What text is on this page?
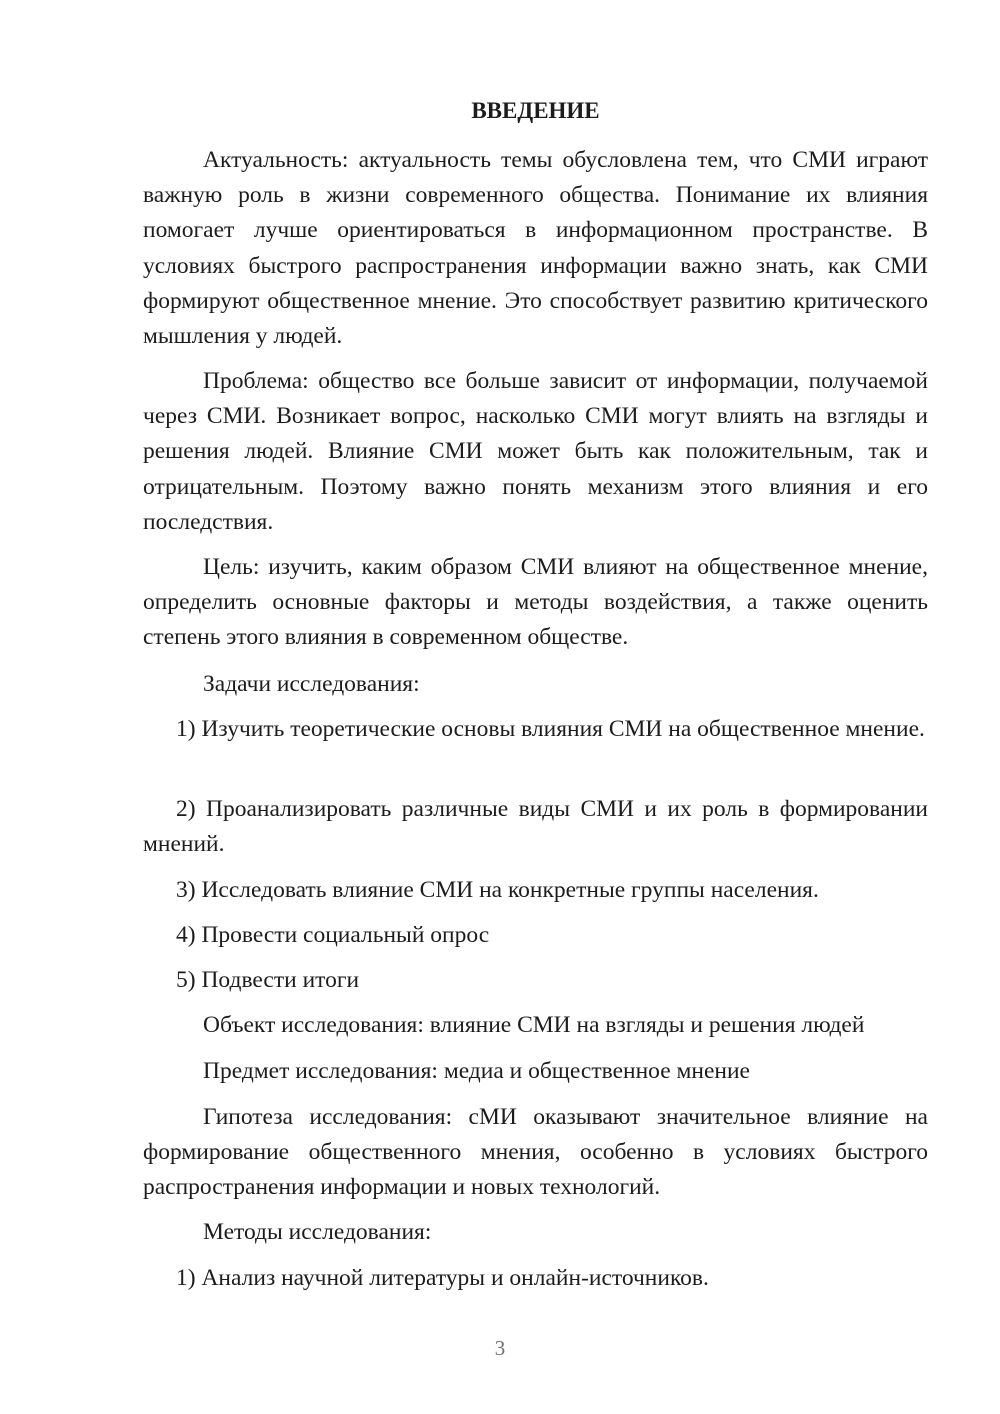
ВВЕДЕНИЕ

Актуальность: актуальность темы обусловлена тем, что СМИ играют важную роль в жизни современного общества. Понимание их влияния помогает лучше ориентироваться в информационном пространстве. В условиях быстрого распространения информации важно знать, как СМИ формируют общественное мнение. Это способствует развитию критического мышления у людей.

Проблема: общество все больше зависит от информации, получаемой через СМИ. Возникает вопрос, насколько СМИ могут влиять на взгляды и решения людей. Влияние СМИ может быть как положительным, так и отрицательным. Поэтому важно понять механизм этого влияния и его последствия.

Цель: изучить, каким образом СМИ влияют на общественное мнение, определить основные факторы и методы воздействия, а также оценить степень этого влияния в современном обществе.

Задачи исследования:

1) Изучить теоретические основы влияния СМИ на общественное мнение.

2) Проанализировать различные виды СМИ и их роль в формировании мнений.

3) Исследовать влияние СМИ на конкретные группы населения.

4) Провести социальный опрос

5) Подвести итоги

Объект исследования: влияние СМИ на взгляды и решения людей

Предмет исследования: медиа и общественное мнение

Гипотеза исследования: сМИ оказывают значительное влияние на формирование общественного мнения, особенно в условиях быстрого распространения информации и новых технологий.

Методы исследования:

1) Анализ научной литературы и онлайн-источников.

3
